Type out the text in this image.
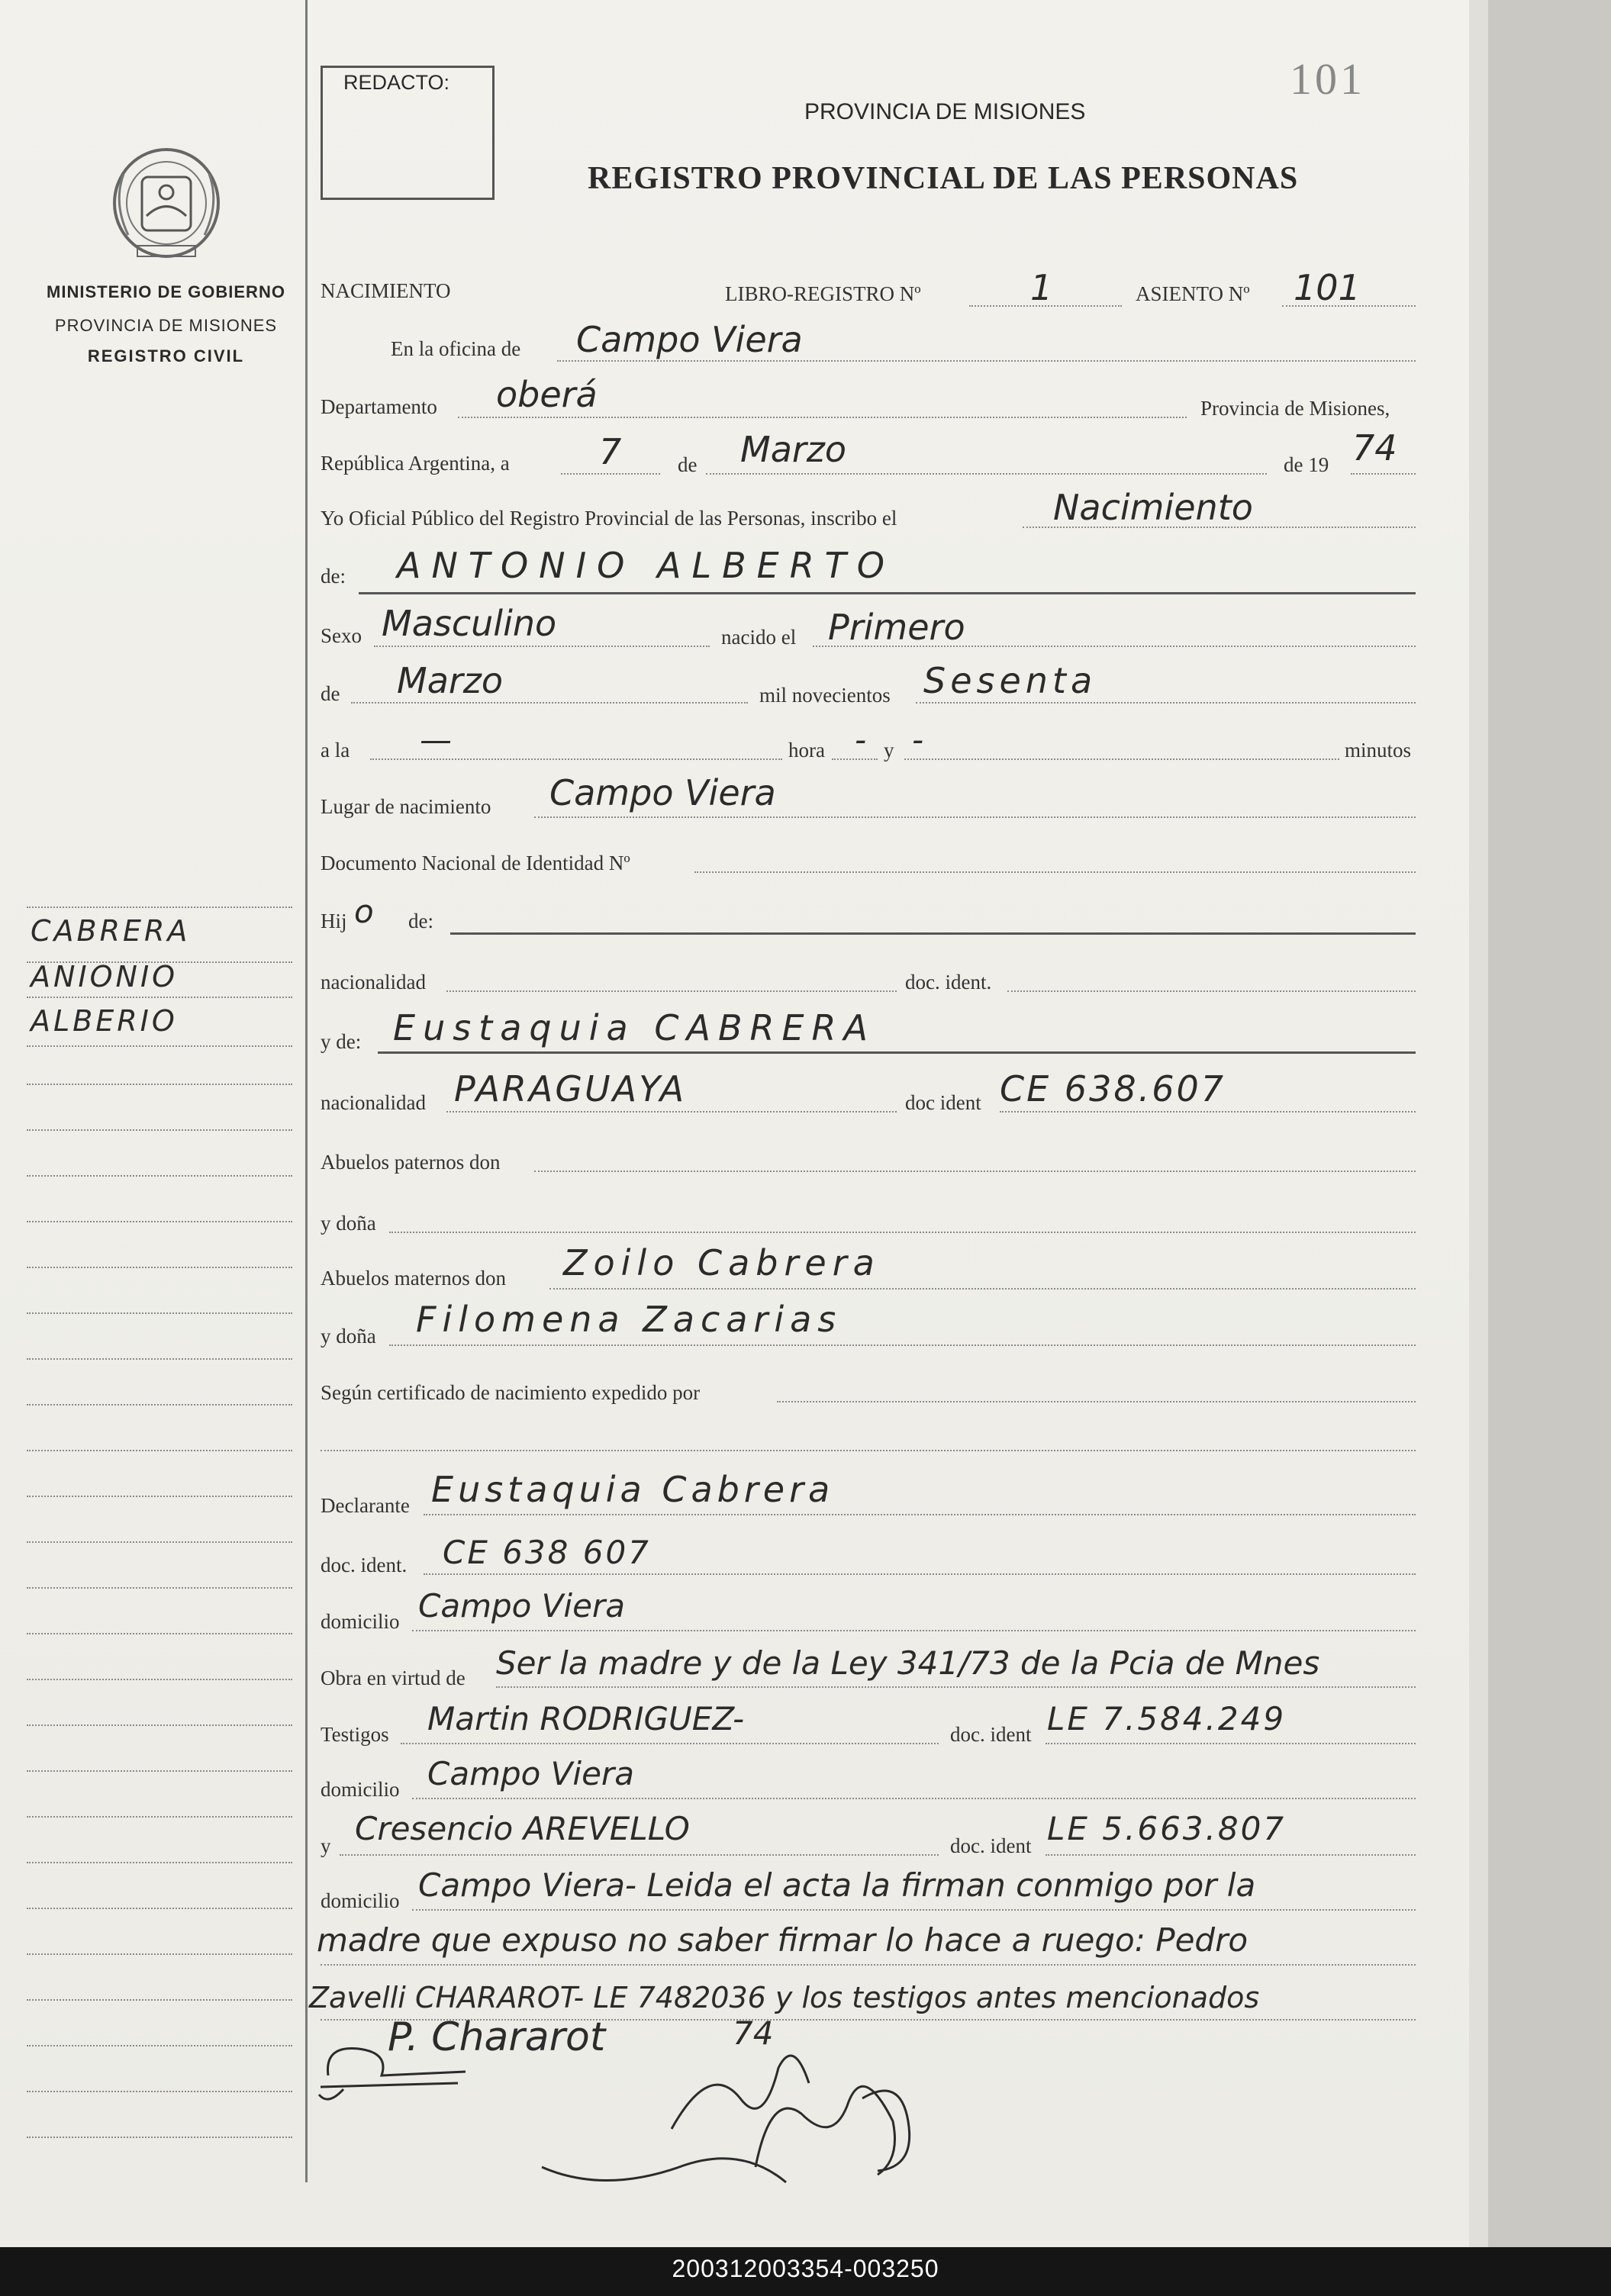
REDACTO:	101
PROVINCIA DE MISIONES
REGISTRO PROVINCIAL DE LAS PERSONAS
MINISTERIO DE GOBIERNO
PROVINCIA DE MISIONES
REGISTRO CIVIL
CABRERA
ANIONIO
ALBERIO
NACIMIENTO	LIBRO-REGISTRO Nº	1	ASIENTO Nº 101
En la oficina de Campo Viera
Departamento oberá	Provincia de Misiones,
República Argentina, a	7	de Marzo	de 19 74
Yo Oficial Público del Registro Provincial de las Personas, inscribo el	Nacimiento
de: ANTONIO ALBERTO
Sexo Masculino	nacido el Primero
de Marzo	mil novecientos Sesenta
a la —	hora - y -	minutos
Lugar de nacimiento Campo Viera
Documento Nacional de Identidad Nº
Hij o de:
nacionalidad	doc. ident.
y de: Eustaquia CABRERA
nacionalidad PARAGUAYA	doc ident CE 638.607
Abuelos paternos don
y doña
Abuelos maternos don Zoilo Cabrera
y doña Filomena Zacarias
Según certificado de nacimiento expedido por
Declarante Eustaquia Cabrera
doc. ident. CE 638 607
domicilio Campo Viera
Obra en virtud de Ser la madre y de la Ley 341/73 de la Pcia de Mnes
Testigos Martin RODRIGUEZ-	doc. ident LE 7.584.249
domicilio Campo Viera
y Cresencio AREVELLO	doc. ident LE 5.663.807
domicilio Campo Viera- Leida el acta la firman conmigo por la
madre que expuso no saber firmar lo hace a ruego: Pedro
Zavelli CHARAROT- LE 7482036 y los testigos antes mencionados
P. Chararot	74
200312003354-003250
